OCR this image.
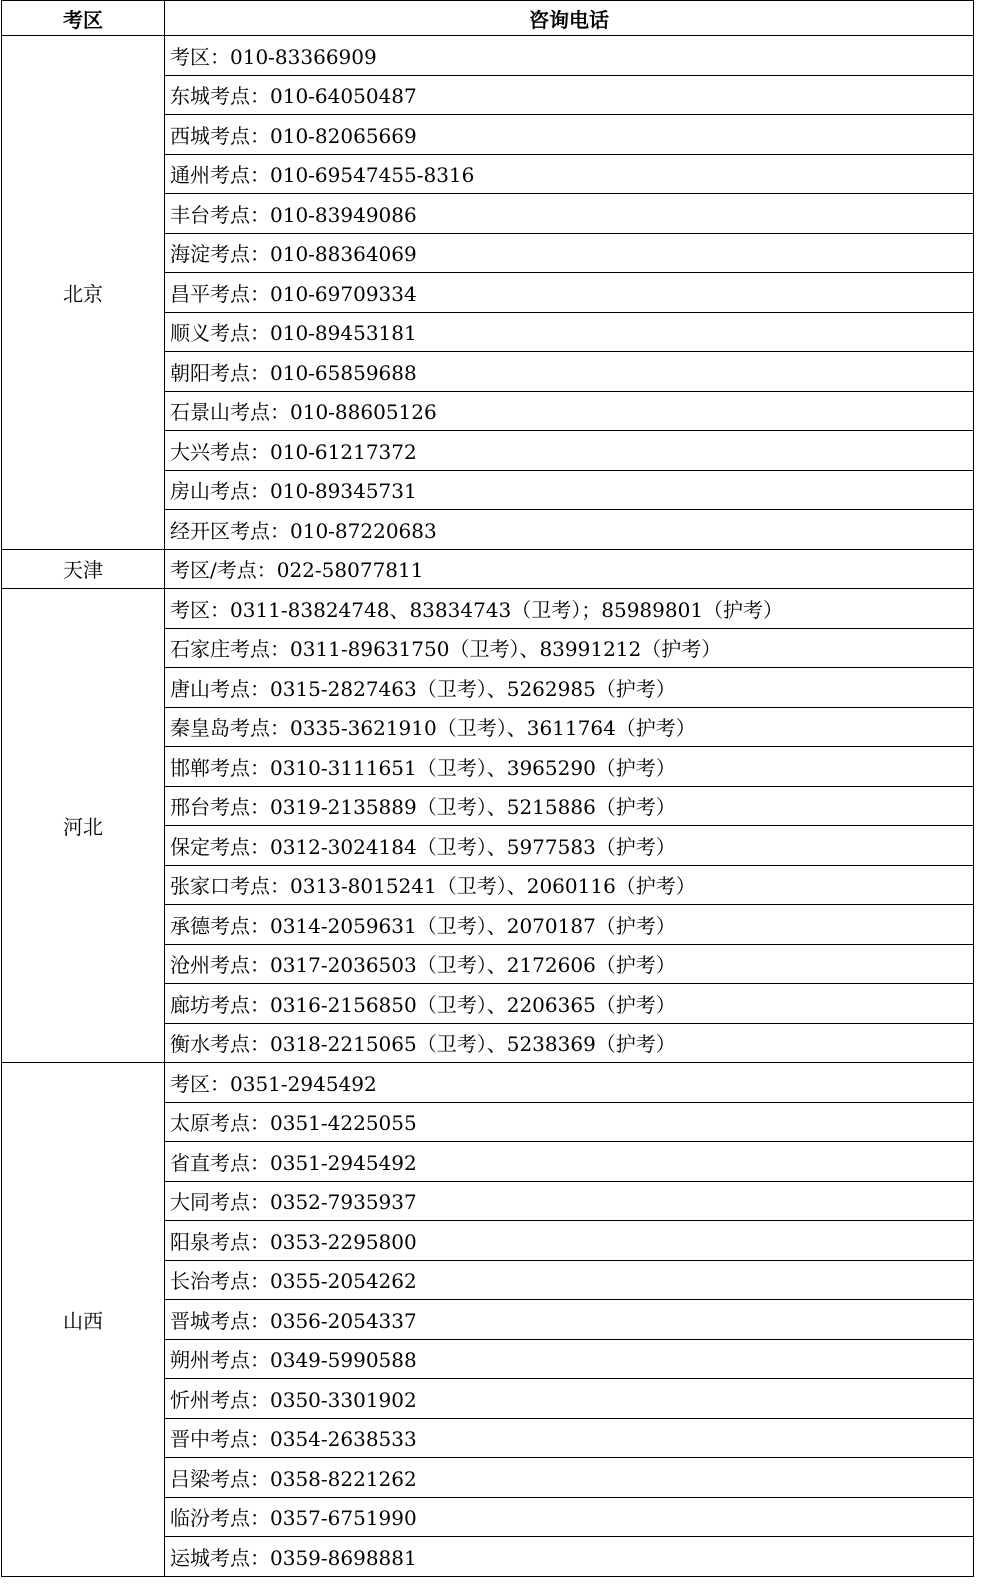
考区	咨询电话
北京	考区：010-83366909
	东城考点：010-64050487
	西城考点：010-82065669
	通州考点：010-69547455-8316
	丰台考点：010-83949086
	海淀考点：010-88364069
	昌平考点：010-69709334
	顺义考点：010-89453181
	朝阳考点：010-65859688
	石景山考点：010-88605126
	大兴考点：010-61217372
	房山考点：010-89345731
	经开区考点：010-87220683
天津	考区/考点：022-58077811
河北	考区：0311-83824748、83834743（卫考）；85989801（护考）
	石家庄考点：0311-89631750（卫考）、83991212（护考）
	唐山考点：0315-2827463（卫考）、5262985（护考）
	秦皇岛考点：0335-3621910（卫考）、3611764（护考）
	邯郸考点：0310-3111651（卫考）、3965290（护考）
	邢台考点：0319-2135889（卫考）、5215886（护考）
	保定考点：0312-3024184（卫考）、5977583（护考）
	张家口考点：0313-8015241（卫考）、2060116（护考）
	承德考点：0314-2059631（卫考）、2070187（护考）
	沧州考点：0317-2036503（卫考）、2172606（护考）
	廊坊考点：0316-2156850（卫考）、2206365（护考）
	衡水考点：0318-2215065（卫考）、5238369（护考）
山西	考区：0351-2945492
	太原考点：0351-4225055
	省直考点：0351-2945492
	大同考点：0352-7935937
	阳泉考点：0353-2295800
	长治考点：0355-2054262
	晋城考点：0356-2054337
	朔州考点：0349-5990588
	忻州考点：0350-3301902
	晋中考点：0354-2638533
	吕梁考点：0358-8221262
	临汾考点：0357-6751990
	运城考点：0359-8698881
